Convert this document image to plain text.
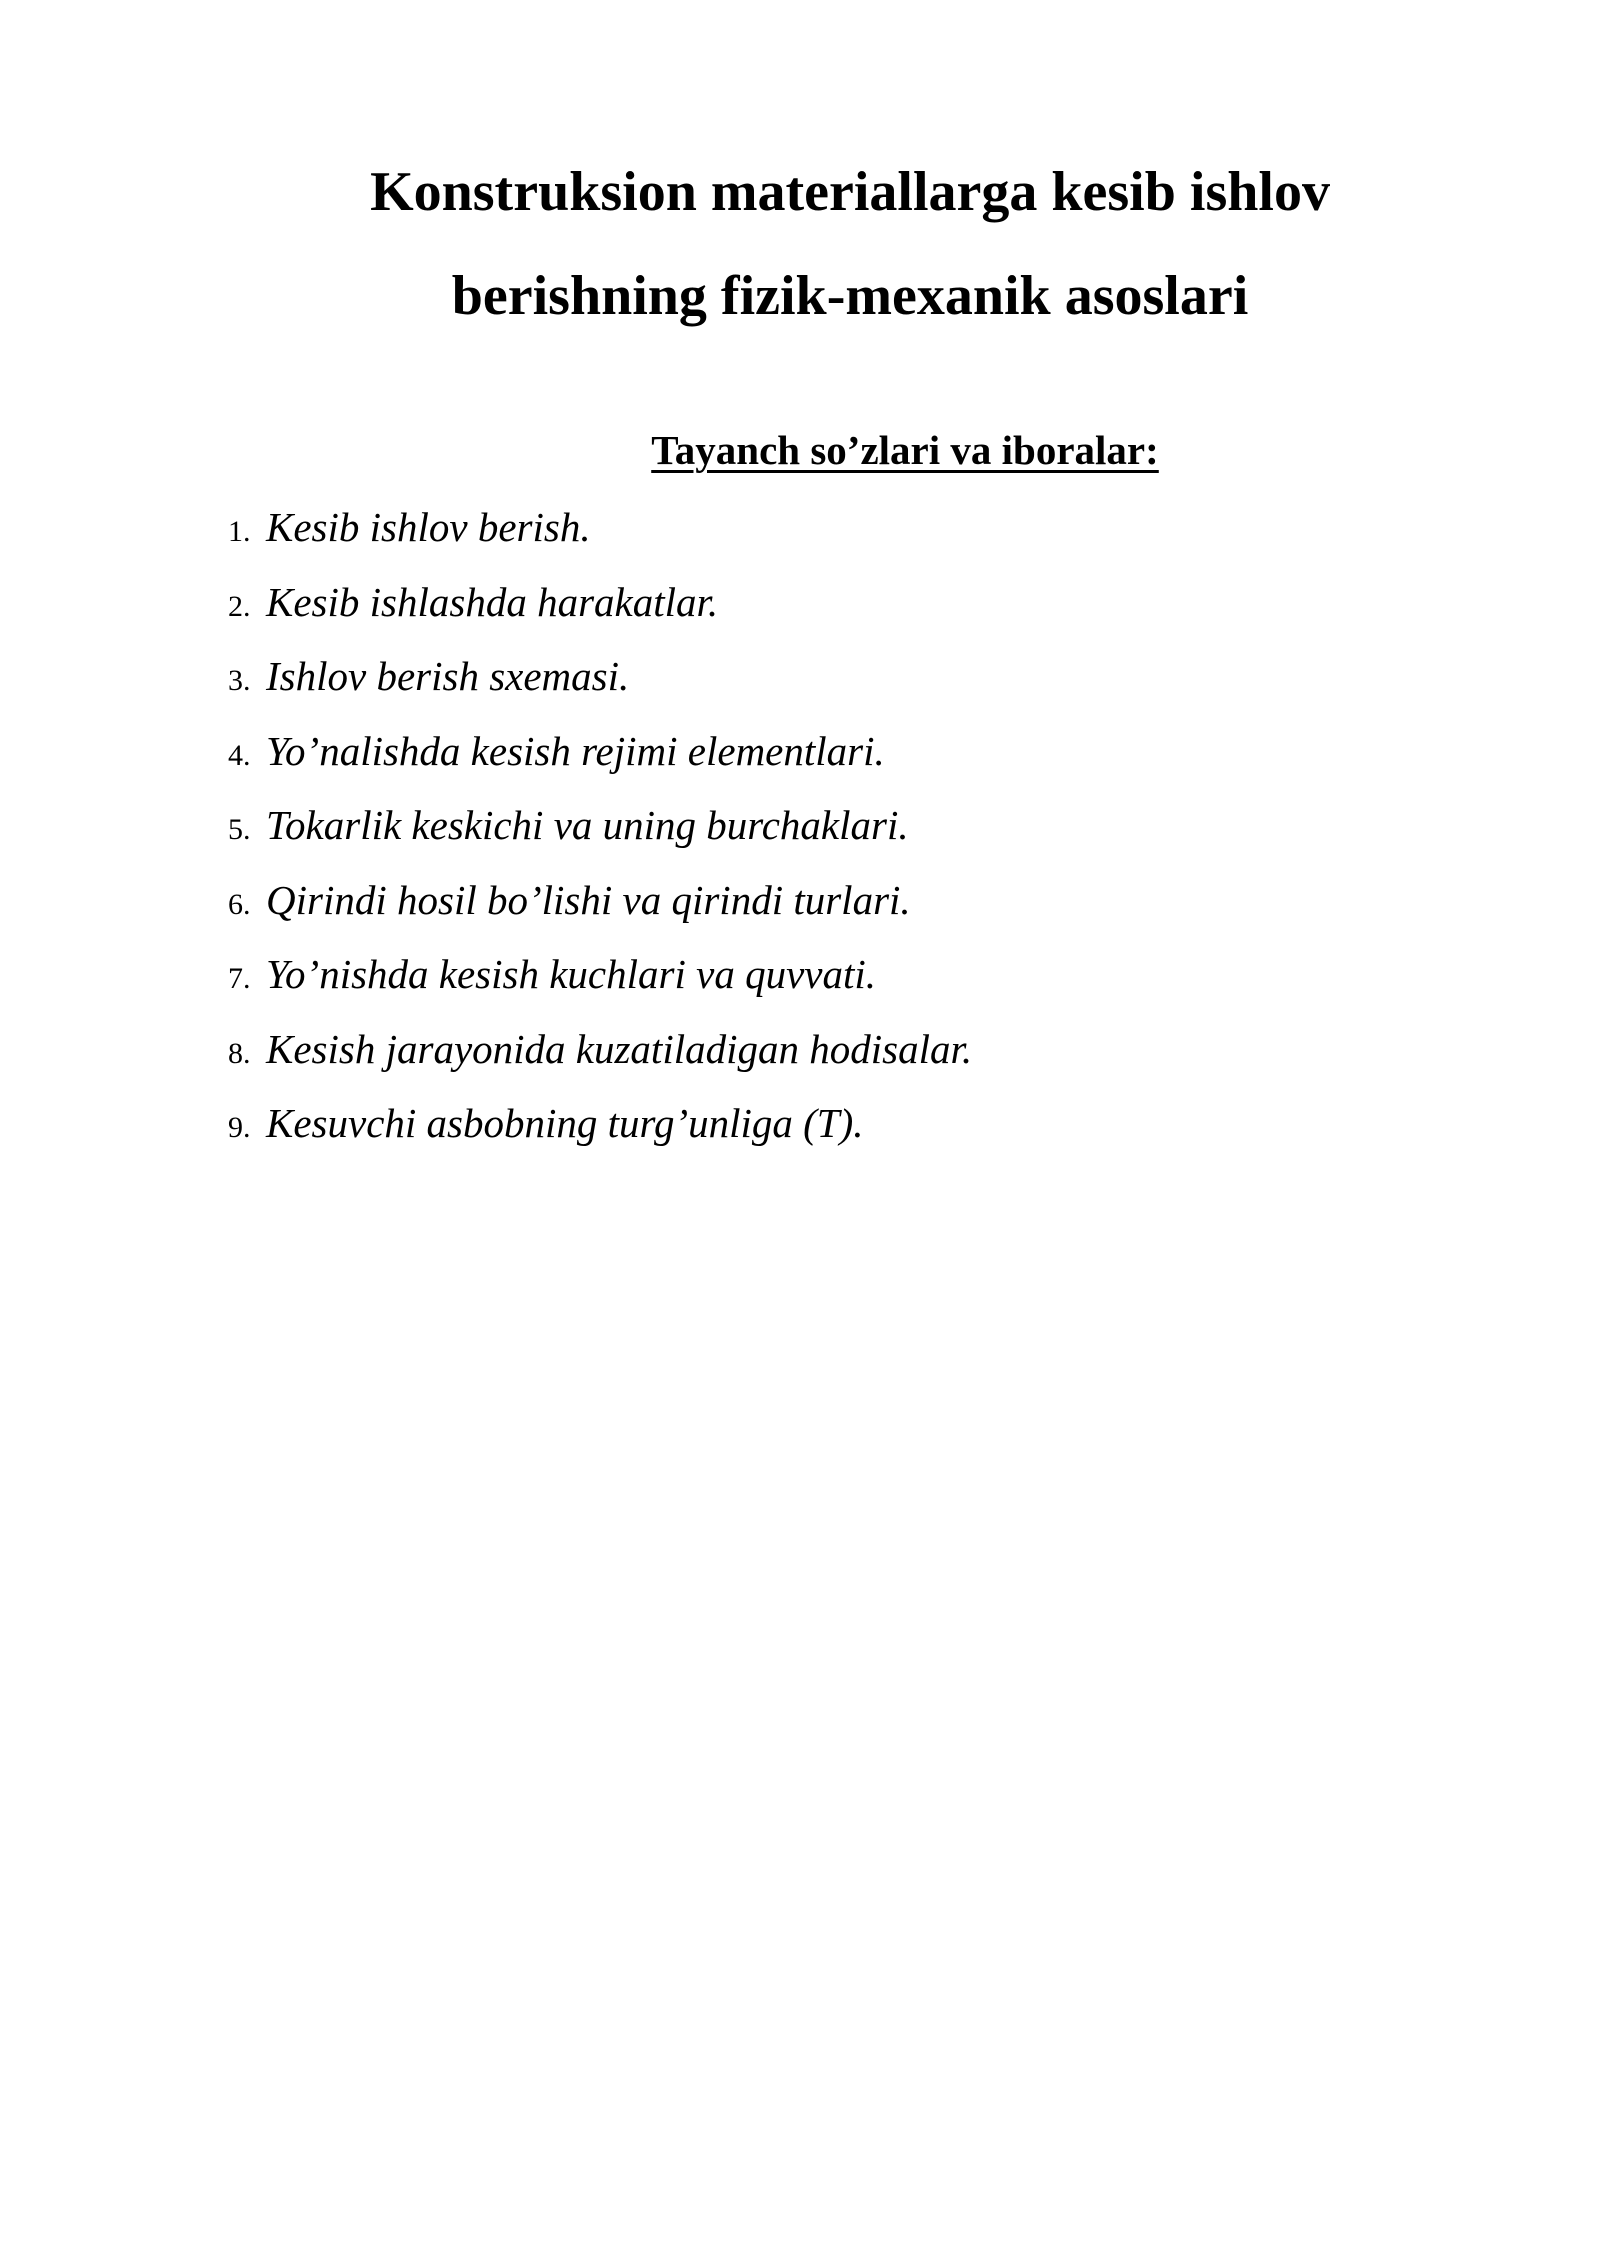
Konstruksion materiallarga kesib ishlov
berishning fizik-mexanik asoslari
Tayanch so’zlari va iboralar:
1. Kesib ishlov berish.
2. Kesib ishlashda harakatlar.
3. Ishlov berish sxemasi.
4. Yo’nalishda kesish rejimi elementlari.
5. Tokarlik keskichi va uning burchaklari.
6. Qirindi hosil bo’lishi va qirindi turlari.
7. Yo’nishda kesish kuchlari va quvvati.
8. Kesish jarayonida kuzatiladigan hodisalar.
9. Kesuvchi asbobning turg’unliga (T).
